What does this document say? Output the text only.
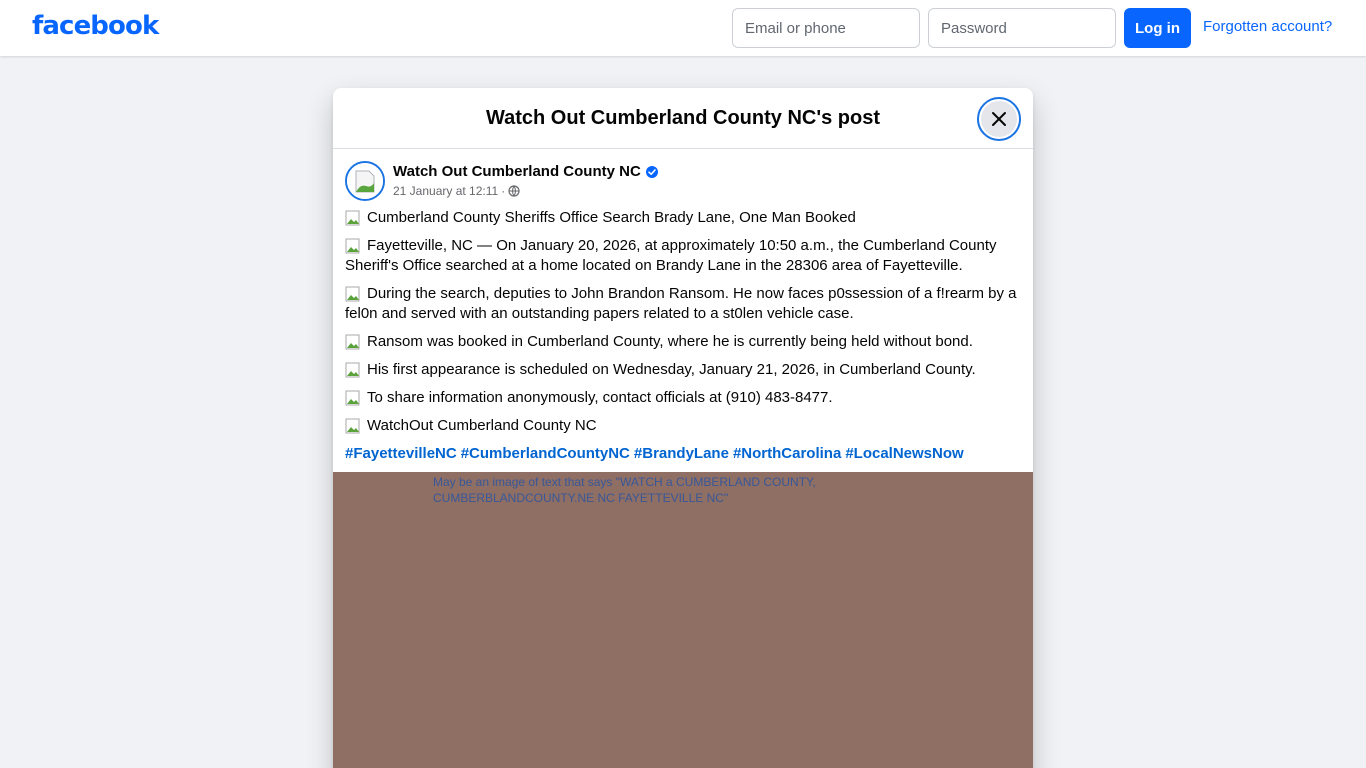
facebook
Email or phone	Log in	Forgotten account?
Watch Out Cumberland County NC's post
Watch Out Cumberland County NC
21 January at 12:11 ·
Cumberland County Sheriffs Office Search Brady Lane, One Man Booked
Fayetteville, NC — On January 20, 2026, at approximately 10:50 a.m., the Cumberland County Sheriff's Office searched at a home located on Brandy Lane in the 28306 area of Fayetteville.
During the search, deputies to John Brandon Ransom. He now faces p0ssession of a f!rearm by a fel0n and served with an outstanding papers related to a st0len vehicle case.
Ransom was booked in Cumberland County, where he is currently being held without bond.
His first appearance is scheduled on Wednesday, January 21, 2026, in Cumberland County.
To share information anonymously, contact officials at (910) 483-8477.
WatchOut Cumberland County NC
#FayettevilleNC #CumberlandCountyNC #BrandyLane #NorthCarolina #LocalNewsNow
May be an image of text that says "WATCH a CUMBERLAND COUNTY, CUMBERBLANDCOUNTY.NE NC FAYETTEVILLE NC"
